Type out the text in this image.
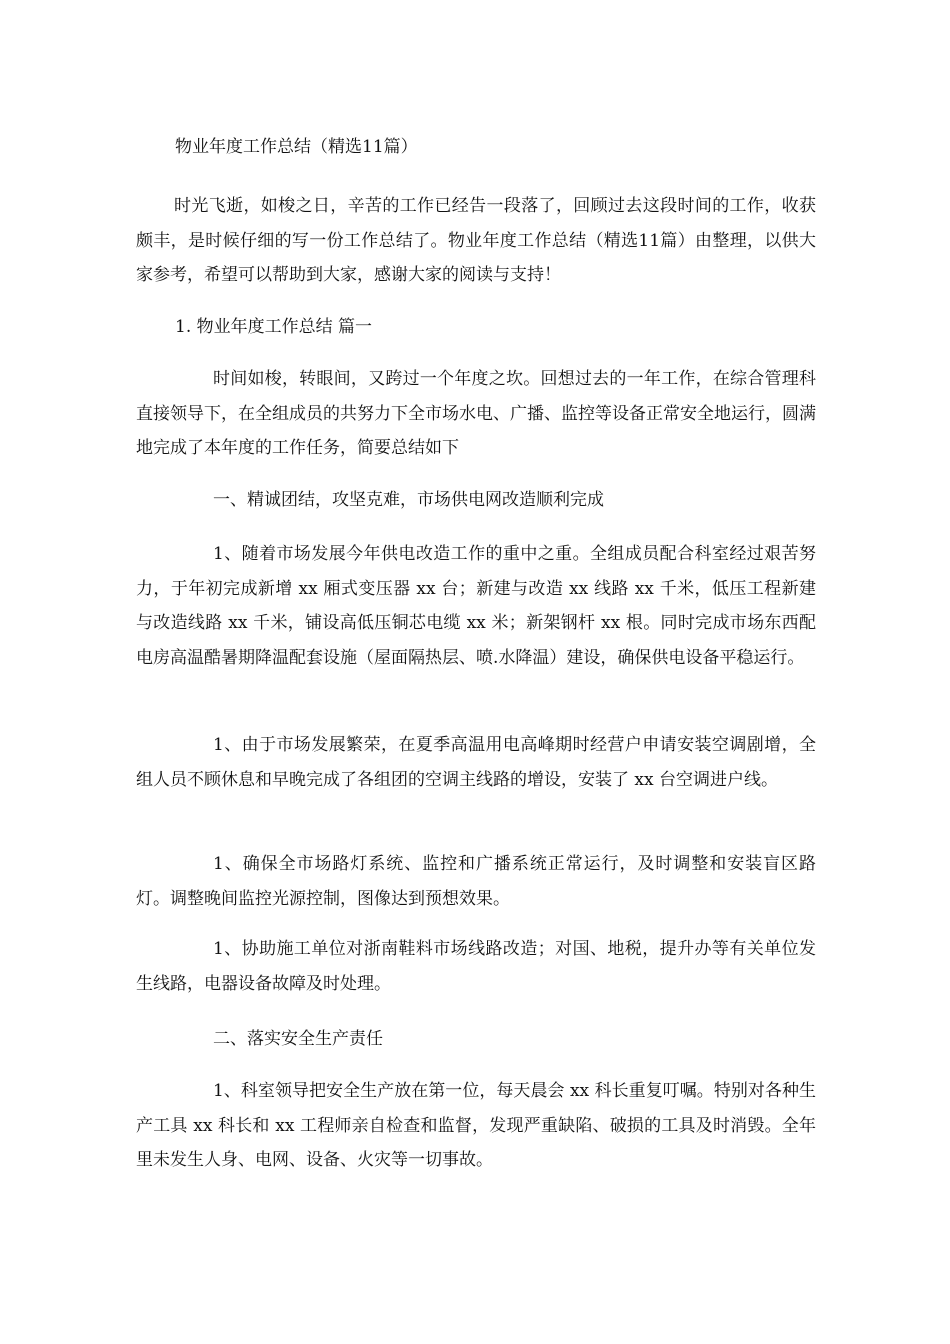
物业年度工作总结（精选11篇）

时光飞逝，如梭之日，辛苦的工作已经告一段落了，回顾过去这段时间的工作，收获颇丰，是时候仔细的写一份工作总结了。物业年度工作总结（精选11篇）由整理，以供大家参考，希望可以帮助到大家，感谢大家的阅读与支持！

1. 物业年度工作总结 篇一

时间如梭，转眼间，又跨过一个年度之坎。回想过去的一年工作，在综合管理科直接领导下，在全组成员的共努力下全市场水电、广播、监控等设备正常安全地运行，圆满地完成了本年度的工作任务，简要总结如下

一、精诚团结，攻坚克难，市场供电网改造顺利完成

1、随着市场发展今年供电改造工作的重中之重。全组成员配合科室经过艰苦努力，于年初完成新增 xx 厢式变压器 xx 台；新建与改造 xx 线路 xx 千米，低压工程新建与改造线路 xx 千米，铺设高低压铜芯电缆 xx 米；新架钢杆 xx 根。同时完成市场东西配电房高温酷暑期降温配套设施（屋面隔热层、喷.水降温）建设，确保供电设备平稳运行。

1、由于市场发展繁荣，在夏季高温用电高峰期时经营户申请安装空调剧增，全组人员不顾休息和早晚完成了各组团的空调主线路的增设，安装了 xx 台空调进户线。

1、确保全市场路灯系统、监控和广播系统正常运行，及时调整和安装盲区路灯。调整晚间监控光源控制，图像达到预想效果。

1、协助施工单位对浙南鞋料市场线路改造；对国、地税，提升办等有关单位发生线路，电器设备故障及时处理。

二、落实安全生产责任

1、科室领导把安全生产放在第一位，每天晨会 xx 科长重复叮嘱。特别对各种生产工具 xx 科长和 xx 工程师亲自检查和监督，发现严重缺陷、破损的工具及时消毁。全年里未发生人身、电网、设备、火灾等一切事故。
